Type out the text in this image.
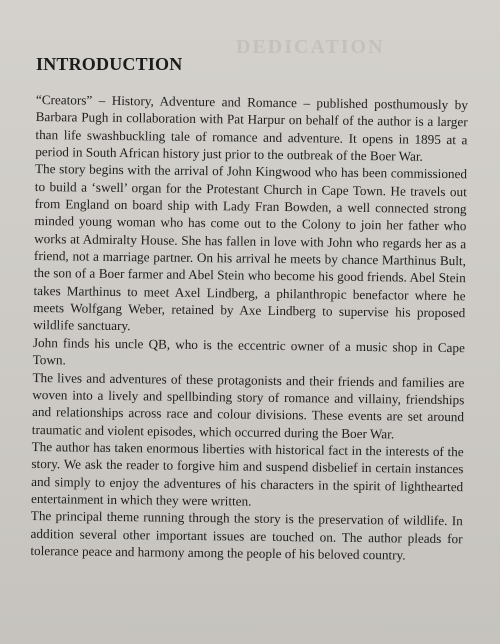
DEDICATION
INTRODUCTION

“Creators” – History, Adventure and Romance – published posthumously by Barbara Pugh in collaboration with Pat Harpur on behalf of the author is a larger than life swashbuckling tale of romance and adventure. It opens in 1895 at a period in South African history just prior to the outbreak of the Boer War.

The story begins with the arrival of John Kingwood who has been commissioned to build a ‘swell’ organ for the Protestant Church in Cape Town. He travels out from England on board ship with Lady Fran Bowden, a well connected strong minded young woman who has come out to the Colony to join her father who works at Admiralty House. She has fallen in love with John who regards her as a friend, not a marriage partner. On his arrival he meets by chance Marthinus Bult, the son of a Boer farmer and Abel Stein who become his good friends. Abel Stein takes Marthinus to meet Axel Lindberg, a philanthropic benefactor where he meets Wolfgang Weber, retained by Axe Lindberg to supervise his proposed wildlife sanctuary.

John finds his uncle QB, who is the eccentric owner of a music shop in Cape Town.

The lives and adventures of these protagonists and their friends and families are woven into a lively and spellbinding story of romance and villainy, friendships and relationships across race and colour divisions. These events are set around traumatic and violent episodes, which occurred during the Boer War.

The author has taken enormous liberties with historical fact in the interests of the story. We ask the reader to forgive him and suspend disbelief in certain instances and simply to enjoy the adventures of his characters in the spirit of lighthearted entertainment in which they were written.

The principal theme running through the story is the preservation of wildlife. In addition several other important issues are touched on. The author pleads for tolerance peace and harmony among the people of his beloved country.
